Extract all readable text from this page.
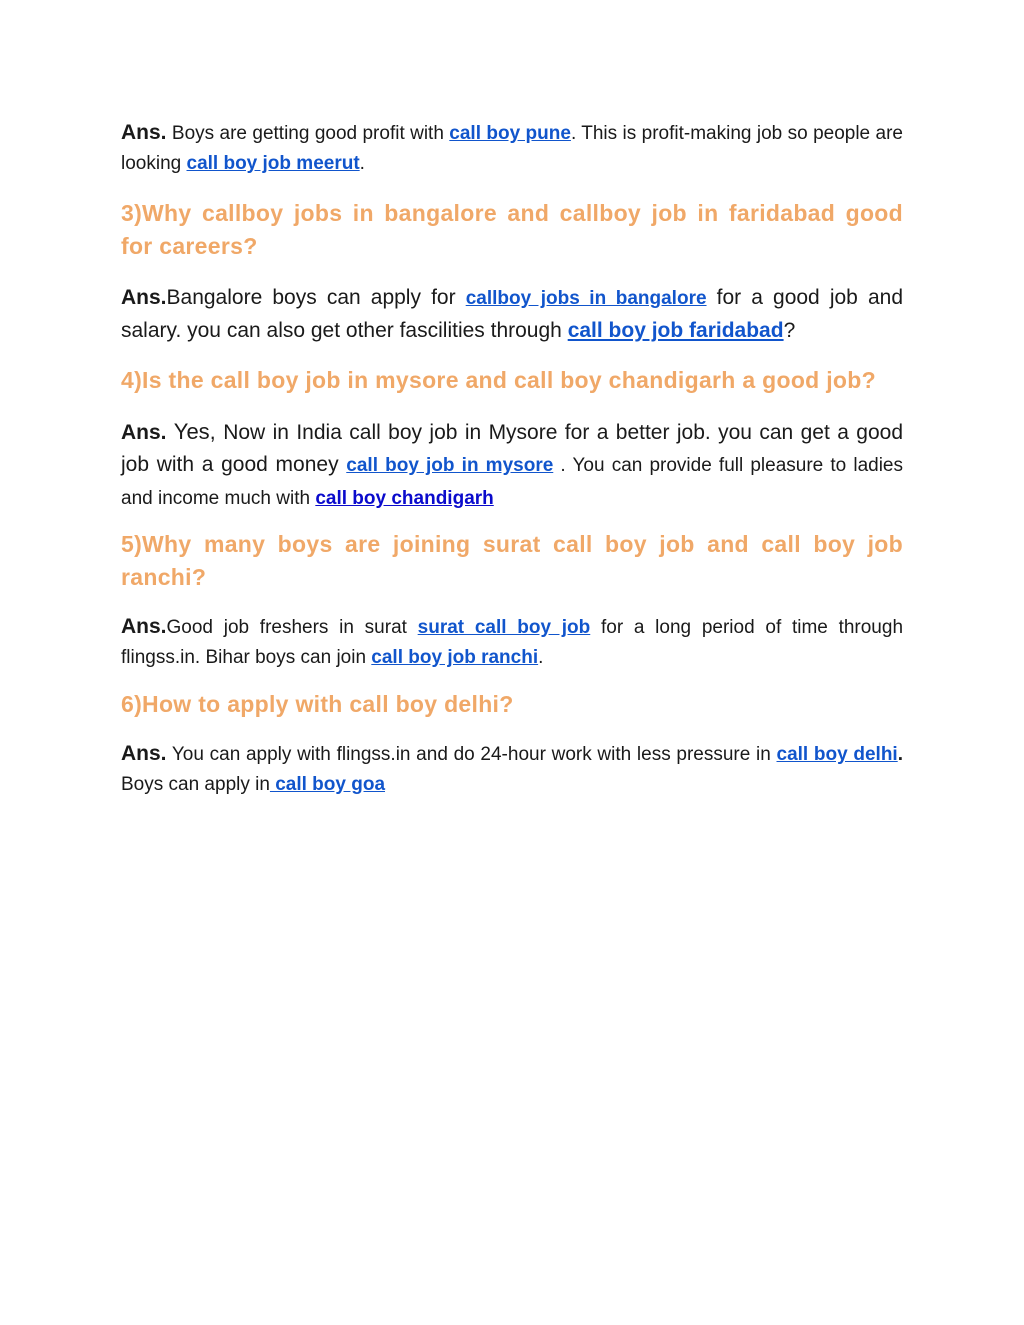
Ans. Boys are getting good profit with call boy pune. This is profit-making job so people are looking call boy job meerut.

3)Why callboy jobs in bangalore and callboy job in faridabad good for careers?

Ans.Bangalore boys can apply for callboy jobs in bangalore for a good job and salary. you can also get other fascilities through call boy job faridabad?

4)Is the call boy job in mysore and call boy chandigarh a good job?

Ans. Yes, Now in India call boy job in Mysore for a better job. you can get a good job with a good money call boy job in mysore . You can provide full pleasure to ladies and income much with call boy chandigarh

5)Why many boys are joining surat call boy job and call boy job ranchi?

Ans.Good job freshers in surat surat call boy job for a long period of time through flingss.in. Bihar boys can join call boy job ranchi.

6)How to apply with call boy delhi?

Ans. You can apply with flingss.in and do 24-hour work with less pressure in call boy delhi. Boys can apply in call boy goa
